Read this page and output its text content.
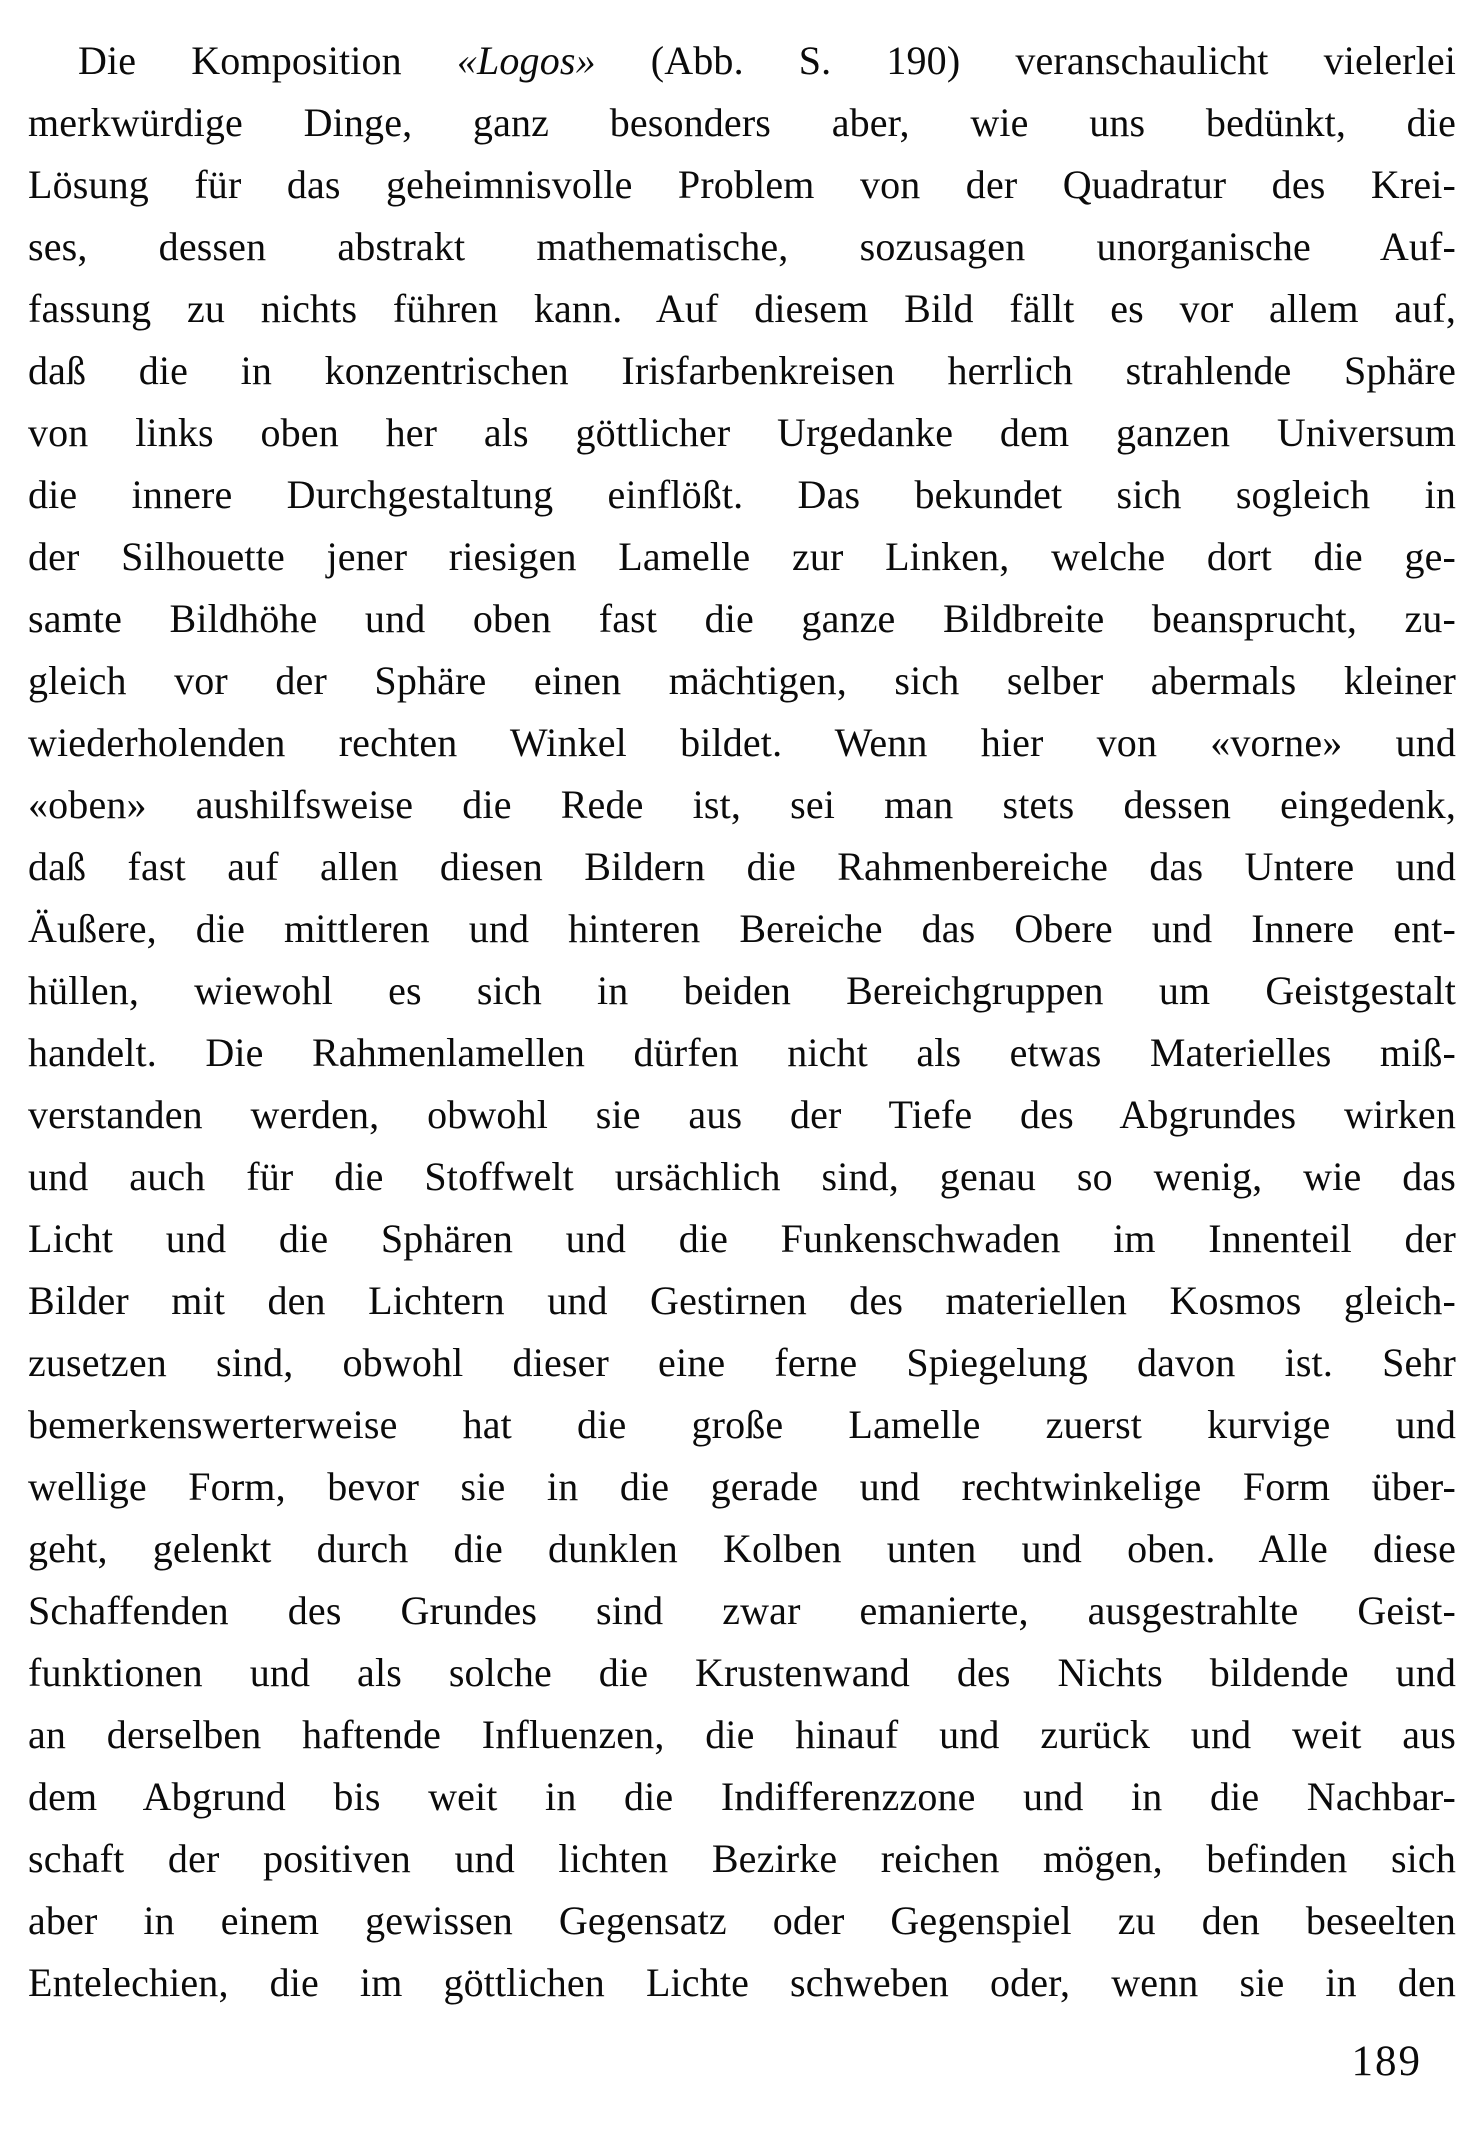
Die Komposition «Logos» (Abb. S. 190) veranschaulicht vielerlei
merkwürdige Dinge, ganz besonders aber, wie uns bedünkt, die
Lösung für das geheimnisvolle Problem von der Quadratur des Krei-
ses, dessen abstrakt mathematische, sozusagen unorganische Auf-
fassung zu nichts führen kann. Auf diesem Bild fällt es vor allem auf,
daß die in konzentrischen Irisfarbenkreisen herrlich strahlende Sphäre
von links oben her als göttlicher Urgedanke dem ganzen Universum
die innere Durchgestaltung einflößt. Das bekundet sich sogleich in
der Silhouette jener riesigen Lamelle zur Linken, welche dort die ge-
samte Bildhöhe und oben fast die ganze Bildbreite beansprucht, zu-
gleich vor der Sphäre einen mächtigen, sich selber abermals kleiner
wiederholenden rechten Winkel bildet. Wenn hier von «vorne» und
«oben» aushilfsweise die Rede ist, sei man stets dessen eingedenk,
daß fast auf allen diesen Bildern die Rahmenbereiche das Untere und
Äußere, die mittleren und hinteren Bereiche das Obere und Innere ent-
hüllen, wiewohl es sich in beiden Bereichgruppen um Geistgestalt
handelt. Die Rahmenlamellen dürfen nicht als etwas Materielles miß-
verstanden werden, obwohl sie aus der Tiefe des Abgrundes wirken
und auch für die Stoffwelt ursächlich sind, genau so wenig, wie das
Licht und die Sphären und die Funkenschwaden im Innenteil der
Bilder mit den Lichtern und Gestirnen des materiellen Kosmos gleich-
zusetzen sind, obwohl dieser eine ferne Spiegelung davon ist. Sehr
bemerkenswerterweise hat die große Lamelle zuerst kurvige und
wellige Form, bevor sie in die gerade und rechtwinkelige Form über-
geht, gelenkt durch die dunklen Kolben unten und oben. Alle diese
Schaffenden des Grundes sind zwar emanierte, ausgestrahlte Geist-
funktionen und als solche die Krustenwand des Nichts bildende und
an derselben haftende Influenzen, die hinauf und zurück und weit aus
dem Abgrund bis weit in die Indifferenzzone und in die Nachbar-
schaft der positiven und lichten Bezirke reichen mögen, befinden sich
aber in einem gewissen Gegensatz oder Gegenspiel zu den beseelten
Entelechien, die im göttlichen Lichte schweben oder, wenn sie in den
189
